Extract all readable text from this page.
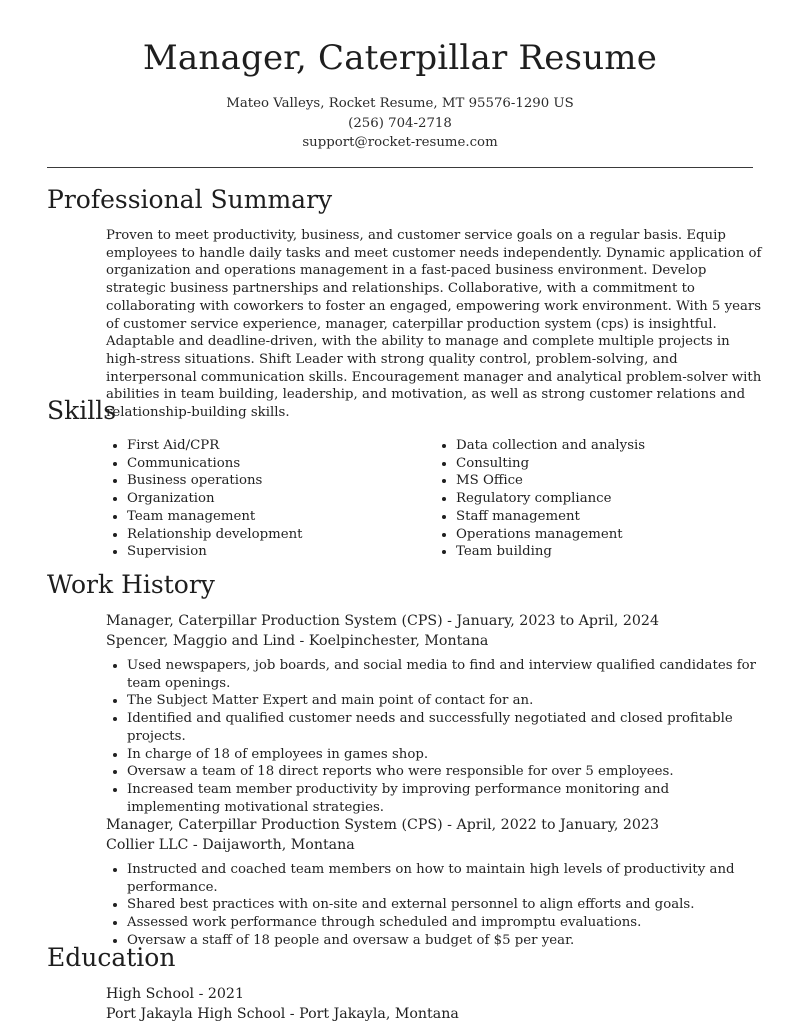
Manager, Caterpillar Resume
Mateo Valleys, Rocket Resume, MT 95576-1290 US
(256) 704-2718
support@rocket-resume.com
Professional Summary
Proven to meet productivity, business, and customer service goals on a regular basis. Equip employees to handle daily tasks and meet customer needs independently. Dynamic application of organization and operations management in a fast-paced business environment. Develop strategic business partnerships and relationships. Collaborative, with a commitment to collaborating with coworkers to foster an engaged, empowering work environment. With 5 years of customer service experience, manager, caterpillar production system (cps) is insightful. Adaptable and deadline-driven, with the ability to manage and complete multiple projects in high-stress situations. Shift Leader with strong quality control, problem-solving, and interpersonal communication skills. Encouragement manager and analytical problem-solver with abilities in team building, leadership, and motivation, as well as strong customer relations and relationship-building skills.
Skills
• First Aid/CPR
• Communications
• Business operations
• Organization
• Team management
• Relationship development
• Supervision
• Data collection and analysis
• Consulting
• MS Office
• Regulatory compliance
• Staff management
• Operations management
• Team building
Work History
Manager, Caterpillar Production System (CPS) - January, 2023 to April, 2024
Spencer, Maggio and Lind - Koelpinchester, Montana
• Used newspapers, job boards, and social media to find and interview qualified candidates for team openings.
• The Subject Matter Expert and main point of contact for an.
• Identified and qualified customer needs and successfully negotiated and closed profitable projects.
• In charge of 18 of employees in games shop.
• Oversaw a team of 18 direct reports who were responsible for over 5 employees.
• Increased team member productivity by improving performance monitoring and implementing motivational strategies.
Manager, Caterpillar Production System (CPS) - April, 2022 to January, 2023
Collier LLC - Daijaworth, Montana
• Instructed and coached team members on how to maintain high levels of productivity and performance.
• Shared best practices with on-site and external personnel to align efforts and goals.
• Assessed work performance through scheduled and impromptu evaluations.
• Oversaw a staff of 18 people and oversaw a budget of $5 per year.
Education
High School - 2021
Port Jakayla High School - Port Jakayla, Montana
